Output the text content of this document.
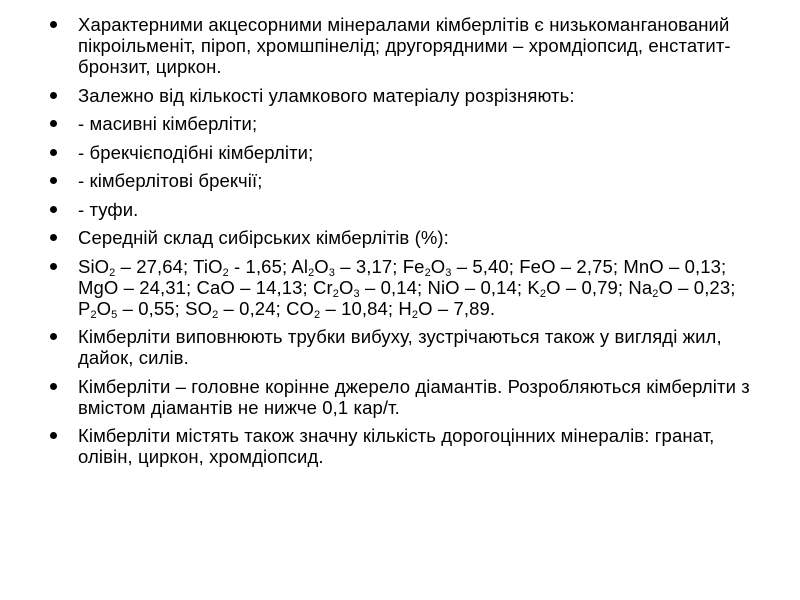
Характерними акцесорними мінералами кімберлітів є низькоманганований пікроільменіт, піроп, хромшпінелід; другорядними – хромдіопсид, енстатит-бронзит, циркон.
Залежно від кількості уламкового матеріалу розрізняють:
- масивні кімберліти;
- брекчієподібні кімберліти;
- кімберлітові брекчії;
- туфи.
Середній склад сибірських кімберлітів (%):
SiO$_2$ – 27,64; TiO$_2$ - 1,65; $Al_2O_3 - 3,17$; $Fe_2O_3 - 5,40$; FeO – 2,75; MnO – 0,13; MgO – 24,31; CaO – 14,13; $Cr_2O_3 - 0,14$; NiO – 0,14; $K_2O - 0,79$; $Na_2O - 0,23$; $P_2O_5 - 0,55$; $SO_2 - 0,24$; $CO_2 - 10,84$; $H_2O - 7,89$.
Кімберліти виповнюють трубки вибуху, зустрічаються також у вигляді жил, дайок, силів.
Кімберліти – головне корінне джерело діамантів. Розробляються кімберліти з вмістом діамантів не нижче 0,1 кар/т.
Кімберліти містять також значну кількість дорогоцінних мінералів: гранат, олівін, циркон, хромдіопсид.
